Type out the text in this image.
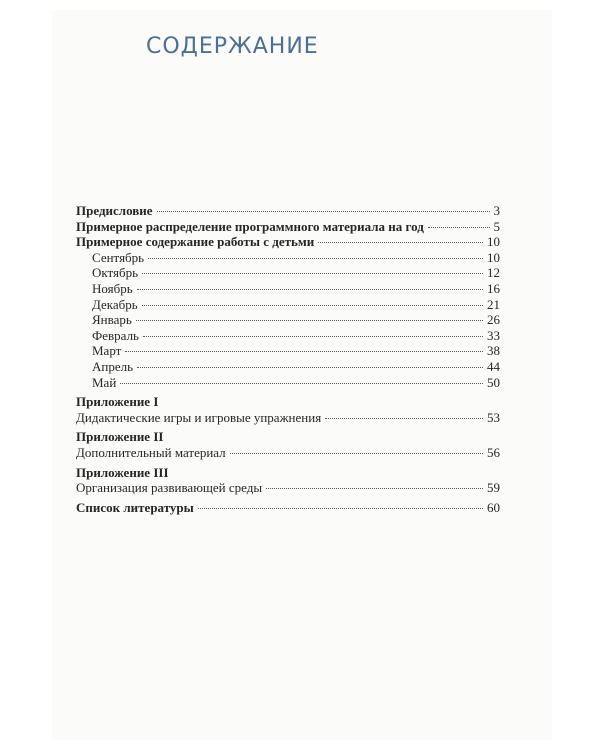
СОДЕРЖАНИЕ
Предисловие	3
Примерное распределение программного материала на год	5
Примерное содержание работы с детьми	10
Сентябрь	10
Октябрь	12
Ноябрь	16
Декабрь	21
Январь	26
Февраль	33
Март	38
Апрель	44
Май	50
Приложение I
Дидактические игры и игровые упражнения	53
Приложение II
Дополнительный материал	56
Приложение III
Организация развивающей среды	59
Список литературы	60
